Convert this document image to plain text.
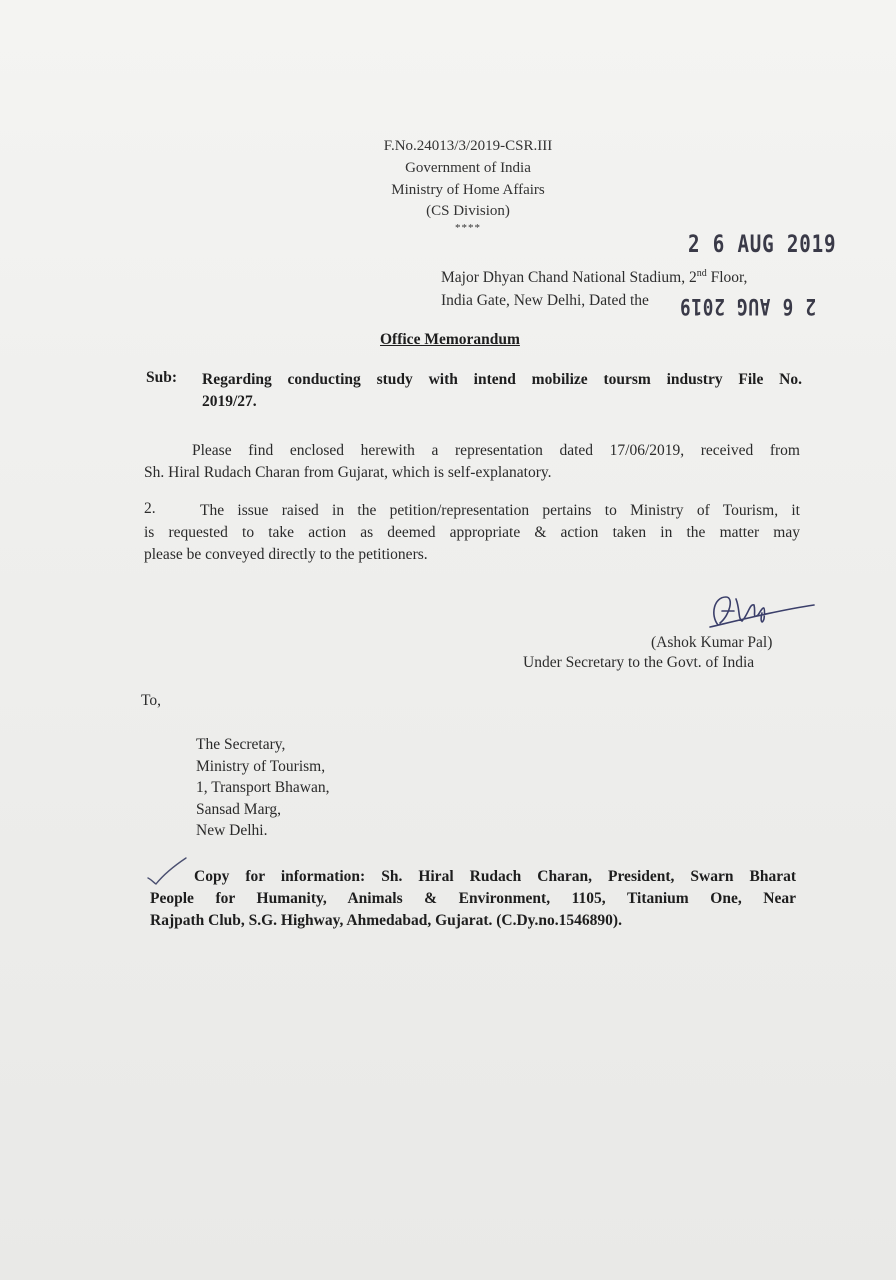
F.No.24013/3/2019-CSR.III
Government of India
Ministry of Home Affairs
(CS Division)
****
2 6 AUG 2019
Major Dhyan Chand National Stadium, 2nd Floor,
India Gate, New Delhi, Dated the 2 6 AUG 2019
Office Memorandum
Sub: Regarding conducting study with intend mobilize toursm industry File No.
2019/27.
Please find enclosed herewith a representation dated 17/06/2019, received from
Sh. Hiral Rudach Charan from Gujarat, which is self-explanatory.
2.	The issue raised in the petition/representation pertains to Ministry of Tourism, it
is requested to take action as deemed appropriate & action taken in the matter may
please be conveyed directly to the petitioners.
(Ashok Kumar Pal)
Under Secretary to the Govt. of India
To,
The Secretary,
Ministry of Tourism,
1, Transport Bhawan,
Sansad Marg,
New Delhi.
Copy for information: Sh. Hiral Rudach Charan, President, Swarn Bharat
People for Humanity, Animals & Environment, 1105, Titanium One, Near
Rajpath Club, S.G. Highway, Ahmedabad, Gujarat. (C.Dy.no.1546890).
